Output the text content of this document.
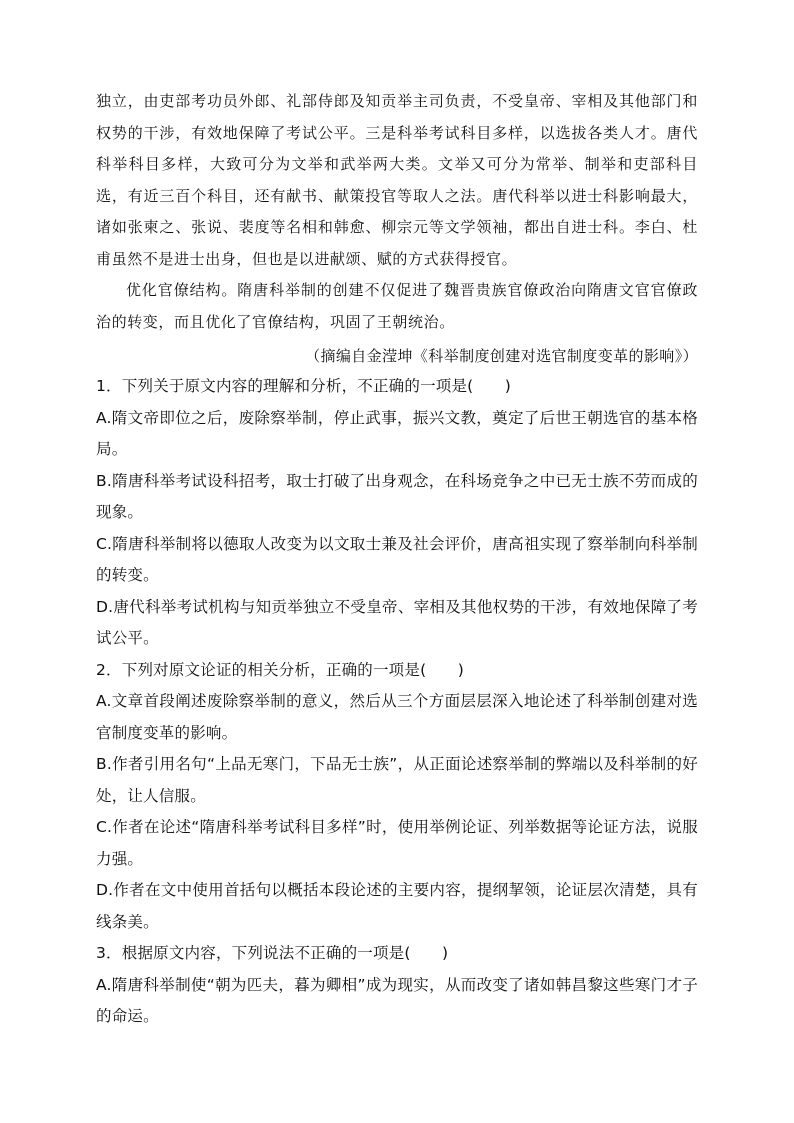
独立，由吏部考功员外郎、礼部侍郎及知贡举主司负责，不受皇帝、宰相及其他部门和权势的干涉，有效地保障了考试公平。三是科举考试科目多样，以选拔各类人才。唐代科举科目多样，大致可分为文举和武举两大类。文举又可分为常举、制举和吏部科目选，有近三百个科目，还有献书、献策投官等取人之法。唐代科举以进士科影响最大，诸如张柬之、张说、裴度等名相和韩愈、柳宗元等文学领袖，都出自进士科。李白、杜甫虽然不是进士出身，但也是以进献颂、赋的方式获得授官。

优化官僚结构。隋唐科举制的创建不仅促进了魏晋贵族官僚政治向隋唐文官官僚政治的转变，而且优化了官僚结构，巩固了王朝统治。

（摘编自金滢坤《科举制度创建对选官制度变革的影响》）

1．下列关于原文内容的理解和分析，不正确的一项是(　　)

A.隋文帝即位之后，废除察举制，停止武事，振兴文教，奠定了后世王朝选官的基本格局。

B.隋唐科举考试设科招考，取士打破了出身观念，在科场竞争之中已无士族不劳而成的现象。

C.隋唐科举制将以德取人改变为以文取士兼及社会评价，唐高祖实现了察举制向科举制的转变。

D.唐代科举考试机构与知贡举独立不受皇帝、宰相及其他权势的干涉，有效地保障了考试公平。

2．下列对原文论证的相关分析，正确的一项是(　　)

A.文章首段阐述废除察举制的意义，然后从三个方面层层深入地论述了科举制创建对选官制度变革的影响。

B.作者引用名句“上品无寒门，下品无士族”，从正面论述察举制的弊端以及科举制的好处，让人信服。

C.作者在论述“隋唐科举考试科目多样”时，使用举例论证、列举数据等论证方法，说服力强。

D.作者在文中使用首括句以概括本段论述的主要内容，提纲挈领，论证层次清楚，具有线条美。

3．根据原文内容，下列说法不正确的一项是(　　)

A.隋唐科举制使“朝为匹夫，暮为卿相”成为现实，从而改变了诸如韩昌黎这些寒门才子的命运。
